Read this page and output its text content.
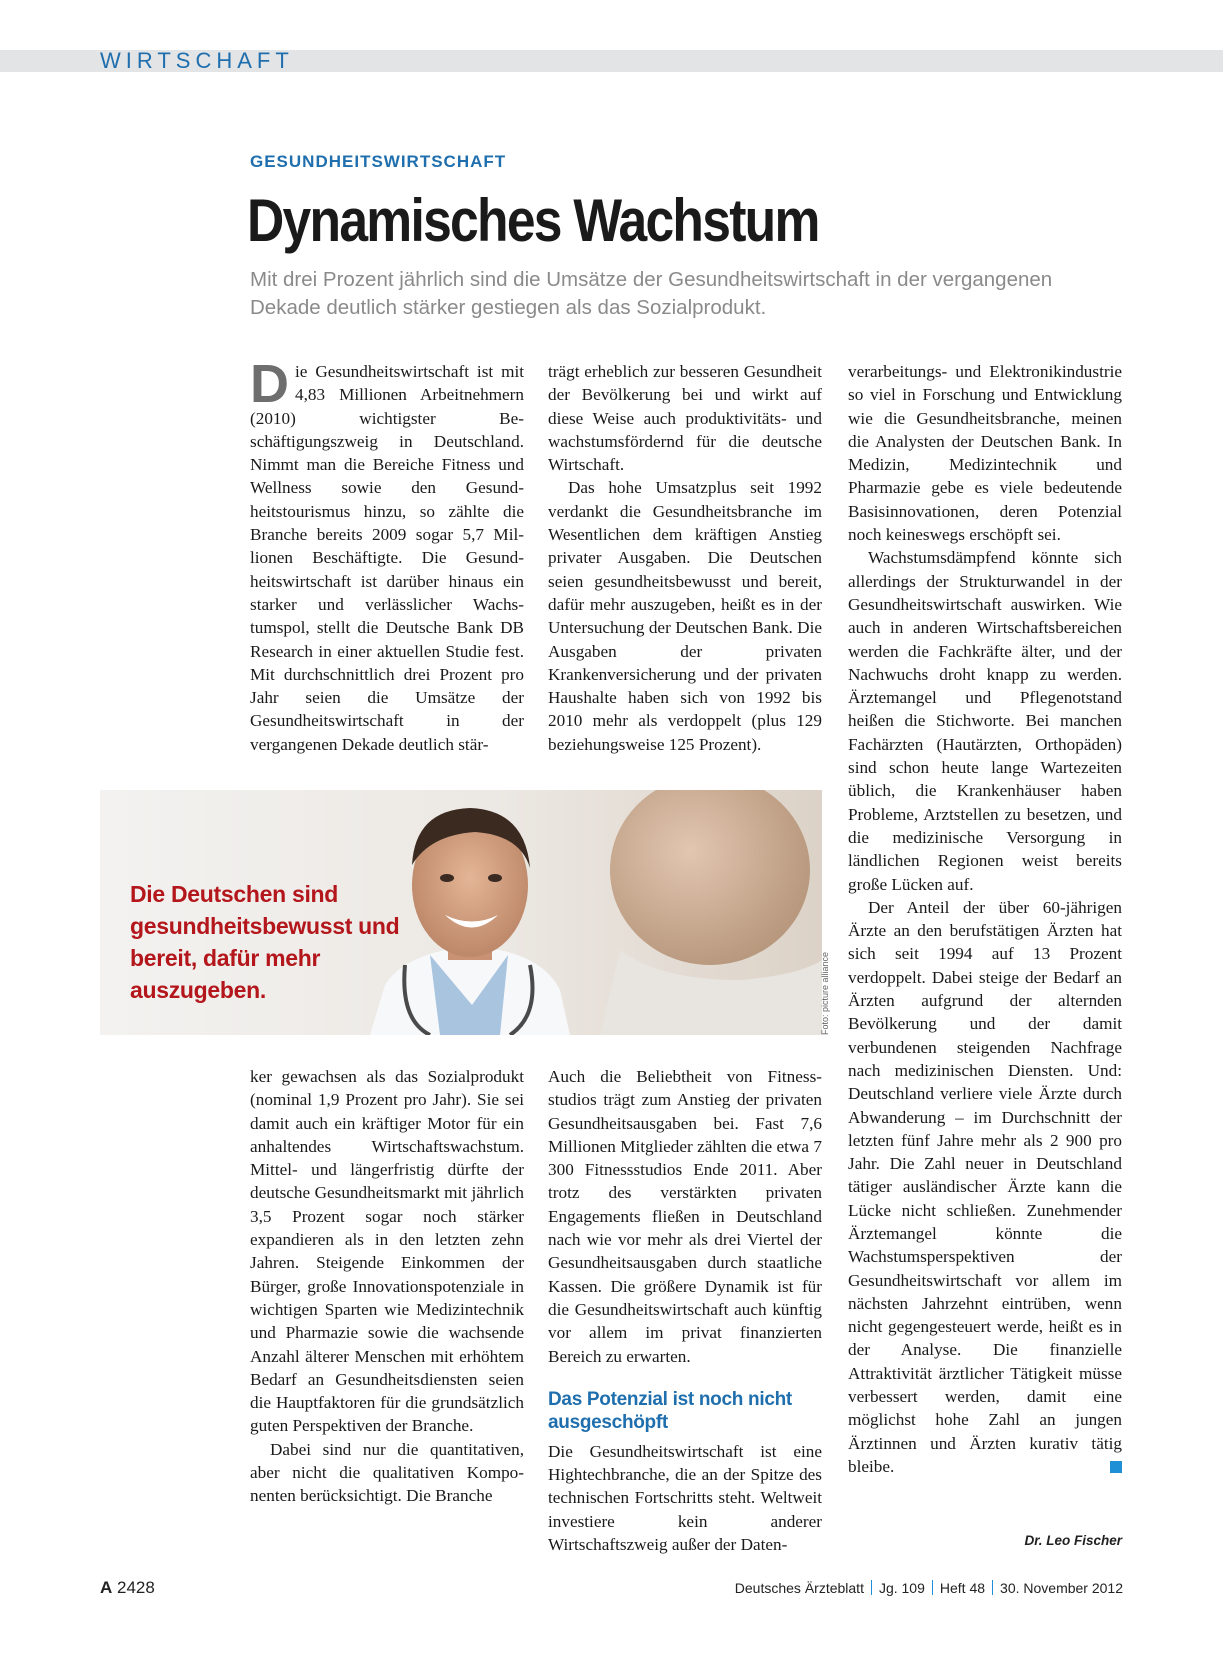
WIRTSCHAFT
GESUNDHEITSWIRTSCHAFT
Dynamisches Wachstum
Mit drei Prozent jährlich sind die Umsätze der Gesundheitswirtschaft in der vergangenen Dekade deutlich stärker gestiegen als das Sozialprodukt.

Die Gesundheitswirtschaft ist mit 4,83 Millionen Arbeitnehmern (2010) wichtigster Beschäftigungszweig in Deutschland. Nimmt man die Bereiche Fitness und Wellness sowie den Gesundheitstourismus hinzu, so zählte die Branche bereits 2009 sogar 5,7 Millionen Beschäftigte. Die Gesundheitswirtschaft ist darüber hinaus ein starker und verlässlicher Wachstumspol, stellt die Deutsche Bank DB Research in einer aktuellen Studie fest. Mit durchschnittlich drei Prozent pro Jahr seien die Umsätze der Gesundheitswirtschaft in der vergangenen Dekade deutlich stär-

trägt erheblich zur besseren Gesundheit der Bevölkerung bei und wirkt auf diese Weise auch produktivitäts- und wachstumsfördernd für die deutsche Wirtschaft.

Das hohe Umsatzplus seit 1992 verdankt die Gesundheitsbranche im Wesentlichen dem kräftigen Anstieg privater Ausgaben. Die Deutschen seien gesundheitsbewusst und bereit, dafür mehr auszugeben, heißt es in der Untersuchung der Deutschen Bank. Die Ausgaben der privaten Krankenversicherung und der privaten Haushalte haben sich von 1992 bis 2010 mehr als verdoppelt (plus 129 beziehungsweise 125 Prozent).

verarbeitungs- und Elektronikindustrie so viel in Forschung und Entwicklung wie die Gesundheitsbranche, meinen die Analysten der Deutschen Bank. In Medizin, Medizintechnik und Pharmazie gebe es viele bedeutende Basisinnovationen, deren Potenzial noch keineswegs erschöpft sei.

Wachstumsdämpfend könnte sich allerdings der Strukturwandel in der Gesundheitswirtschaft auswirken. Wie auch in anderen Wirtschaftsbereichen werden die Fachkräfte älter, und der Nachwuchs droht knapp zu werden. Ärztemangel und Pflegenotstand heißen die Stichworte. Bei manchen Fachärzten (Hautärzten, Orthopäden) sind schon heute lange Wartezeiten üblich, die Krankenhäuser haben Probleme, Arztstellen zu besetzen, und die medizinische Versorgung in ländlichen Regionen weist bereits große Lücken auf.

Der Anteil der über 60-jährigen Ärzte an den berufstätigen Ärzten hat sich seit 1994 auf 13 Prozent verdoppelt. Dabei steige der Bedarf an Ärzten aufgrund der alternden Bevölkerung und der damit verbundenen steigenden Nachfrage nach medizinischen Diensten. Und: Deutschland verliere viele Ärzte durch Abwanderung – im Durchschnitt der letzten fünf Jahre mehr als 2 900 pro Jahr. Die Zahl neuer in Deutschland tätiger ausländischer Ärzte kann die Lücke nicht schließen. Zunehmender Ärztemangel könnte die Wachstumsperspektiven der Gesundheitswirtschaft vor allem im nächsten Jahrzehnt eintrüben, wenn nicht gegengesteuert werde, heißt es in der Analyse. Die finanzielle Attraktivität ärztlicher Tätigkeit müsse verbessert werden, damit eine möglichst hohe Zahl an jungen Ärztinnen und Ärzten kurativ tätig bleibe.

Die Deutschen sind gesundheitsbewusst und bereit, dafür mehr auszugeben.	Foto: picture alliance

ker gewachsen als das Sozialprodukt (nominal 1,9 Prozent pro Jahr). Sie sei damit auch ein kräftiger Motor für ein anhaltendes Wirtschaftswachstum. Mittel- und längerfristig dürfte der deutsche Gesundheitsmarkt mit jährlich 3,5 Prozent sogar noch stärker expandieren als in den letzten zehn Jahren. Steigende Einkommen der Bürger, große Innovationspotenziale in wichtigen Sparten wie Medizintechnik und Pharmazie sowie die wachsende Anzahl älterer Menschen mit erhöhtem Bedarf an Gesundheitsdiensten seien die Hauptfaktoren für die grundsätzlich guten Perspektiven der Branche.

Dabei sind nur die quantitativen, aber nicht die qualitativen Komponenten berücksichtigt. Die Branche

Auch die Beliebtheit von Fitnessstudios trägt zum Anstieg der privaten Gesundheitsausgaben bei. Fast 7,6 Millionen Mitglieder zählten die etwa 7 300 Fitnessstudios Ende 2011. Aber trotz des verstärkten privaten Engagements fließen in Deutschland nach wie vor mehr als drei Viertel der Gesundheitsausgaben durch staatliche Kassen. Die größere Dynamik ist für die Gesundheitswirtschaft auch künftig vor allem im privat finanzierten Bereich zu erwarten.

Das Potenzial ist noch nicht ausgeschöpft

Die Gesundheitswirtschaft ist eine Hightechbranche, die an der Spitze des technischen Fortschritts steht. Weltweit investiere kein anderer Wirtschaftszweig außer der Daten-	Dr. Leo Fischer
A 2428	Deutsches Ärzteblatt Jg. 109 Heft 48 30. November 2012
